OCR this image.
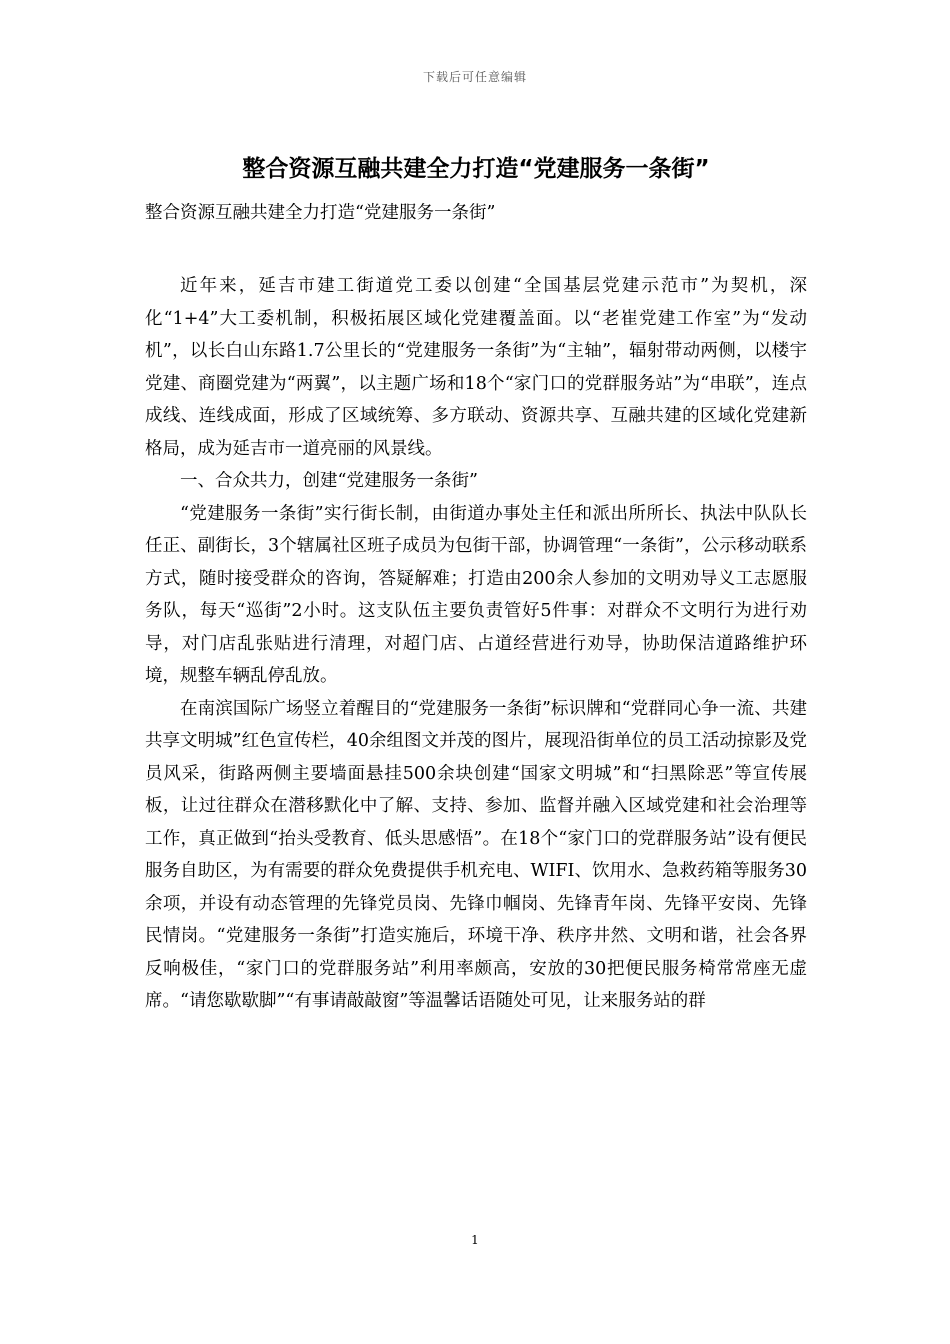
下载后可任意编辑
整合资源互融共建全力打造“党建服务一条街”
整合资源互融共建全力打造“党建服务一条街”

近年来，延吉市建工街道党工委以创建“全国基层党建示范市”为契机，深化“1+4”大工委机制，积极拓展区域化党建覆盖面。以“老崔党建工作室”为“发动机”，以长白山东路1.7公里长的“党建服务一条街”为“主轴”，辐射带动两侧，以楼宇党建、商圈党建为“两翼”，以主题广场和18个“家门口的党群服务站”为“串联”，连点成线、连线成面，形成了区域统筹、多方联动、资源共享、互融共建的区域化党建新格局，成为延吉市一道亮丽的风景线。

一、合众共力，创建“党建服务一条街”

“党建服务一条街”实行街长制，由街道办事处主任和派出所所长、执法中队队长任正、副街长，3个辖属社区班子成员为包街干部，协调管理“一条街”，公示移动联系方式，随时接受群众的咨询，答疑解难；打造由200余人参加的文明劝导义工志愿服务队，每天“巡街”2小时。这支队伍主要负责管好5件事：对群众不文明行为进行劝导，对门店乱张贴进行清理，对超门店、占道经营进行劝导，协助保洁道路维护环境，规整车辆乱停乱放。

在南滨国际广场竖立着醒目的“党建服务一条街”标识牌和“党群同心争一流、共建共享文明城”红色宣传栏，40余组图文并茂的图片，展现沿街单位的员工活动掠影及党员风采，街路两侧主要墙面悬挂500余块创建“国家文明城”和“扫黑除恶”等宣传展板，让过往群众在潜移默化中了解、支持、参加、监督并融入区域党建和社会治理等工作，真正做到“抬头受教育、低头思感悟”。在18个“家门口的党群服务站”设有便民服务自助区，为有需要的群众免费提供手机充电、WIFI、饮用水、急救药箱等服务30余项，并设有动态管理的先锋党员岗、先锋巾帼岗、先锋青年岗、先锋平安岗、先锋民情岗。“党建服务一条街”打造实施后，环境干净、秩序井然、文明和谐，社会各界反响极佳，“家门口的党群服务站”利用率颇高，安放的30把便民服务椅常常座无虚席。“请您歇歇脚”“有事请敲敲窗”等温馨话语随处可见，让来服务站的群

1
